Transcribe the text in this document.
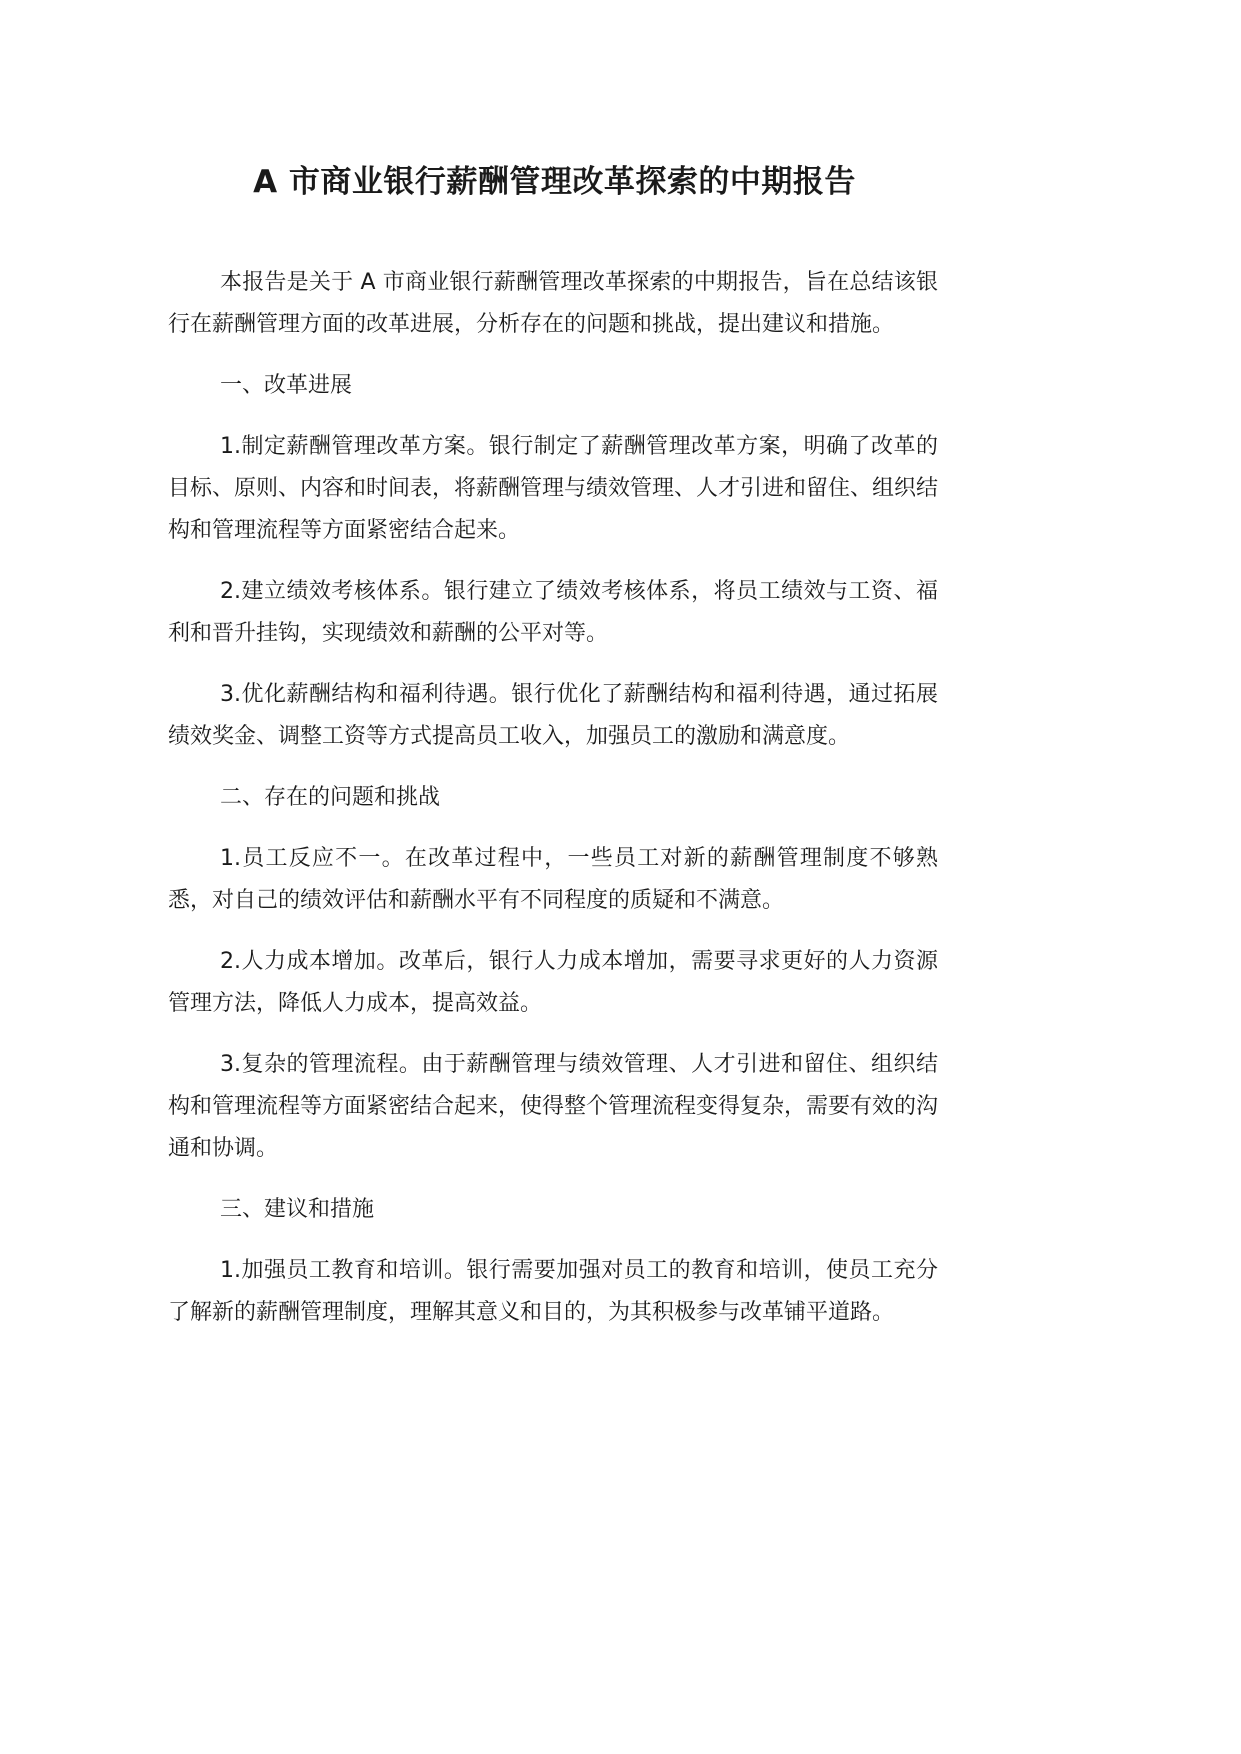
A 市商业银行薪酬管理改革探索的中期报告

本报告是关于 A 市商业银行薪酬管理改革探索的中期报告，旨在总结该银行在薪酬管理方面的改革进展，分析存在的问题和挑战，提出建议和措施。

一、改革进展

1.制定薪酬管理改革方案。银行制定了薪酬管理改革方案，明确了改革的目标、原则、内容和时间表，将薪酬管理与绩效管理、人才引进和留住、组织结构和管理流程等方面紧密结合起来。

2.建立绩效考核体系。银行建立了绩效考核体系，将员工绩效与工资、福利和晋升挂钩，实现绩效和薪酬的公平对等。

3.优化薪酬结构和福利待遇。银行优化了薪酬结构和福利待遇，通过拓展绩效奖金、调整工资等方式提高员工收入，加强员工的激励和满意度。

二、存在的问题和挑战

1.员工反应不一。在改革过程中，一些员工对新的薪酬管理制度不够熟悉，对自己的绩效评估和薪酬水平有不同程度的质疑和不满意。

2.人力成本增加。改革后，银行人力成本增加，需要寻求更好的人力资源管理方法，降低人力成本，提高效益。

3.复杂的管理流程。由于薪酬管理与绩效管理、人才引进和留住、组织结构和管理流程等方面紧密结合起来，使得整个管理流程变得复杂，需要有效的沟通和协调。

三、建议和措施

1.加强员工教育和培训。银行需要加强对员工的教育和培训，使员工充分了解新的薪酬管理制度，理解其意义和目的，为其积极参与改革铺平道路。
